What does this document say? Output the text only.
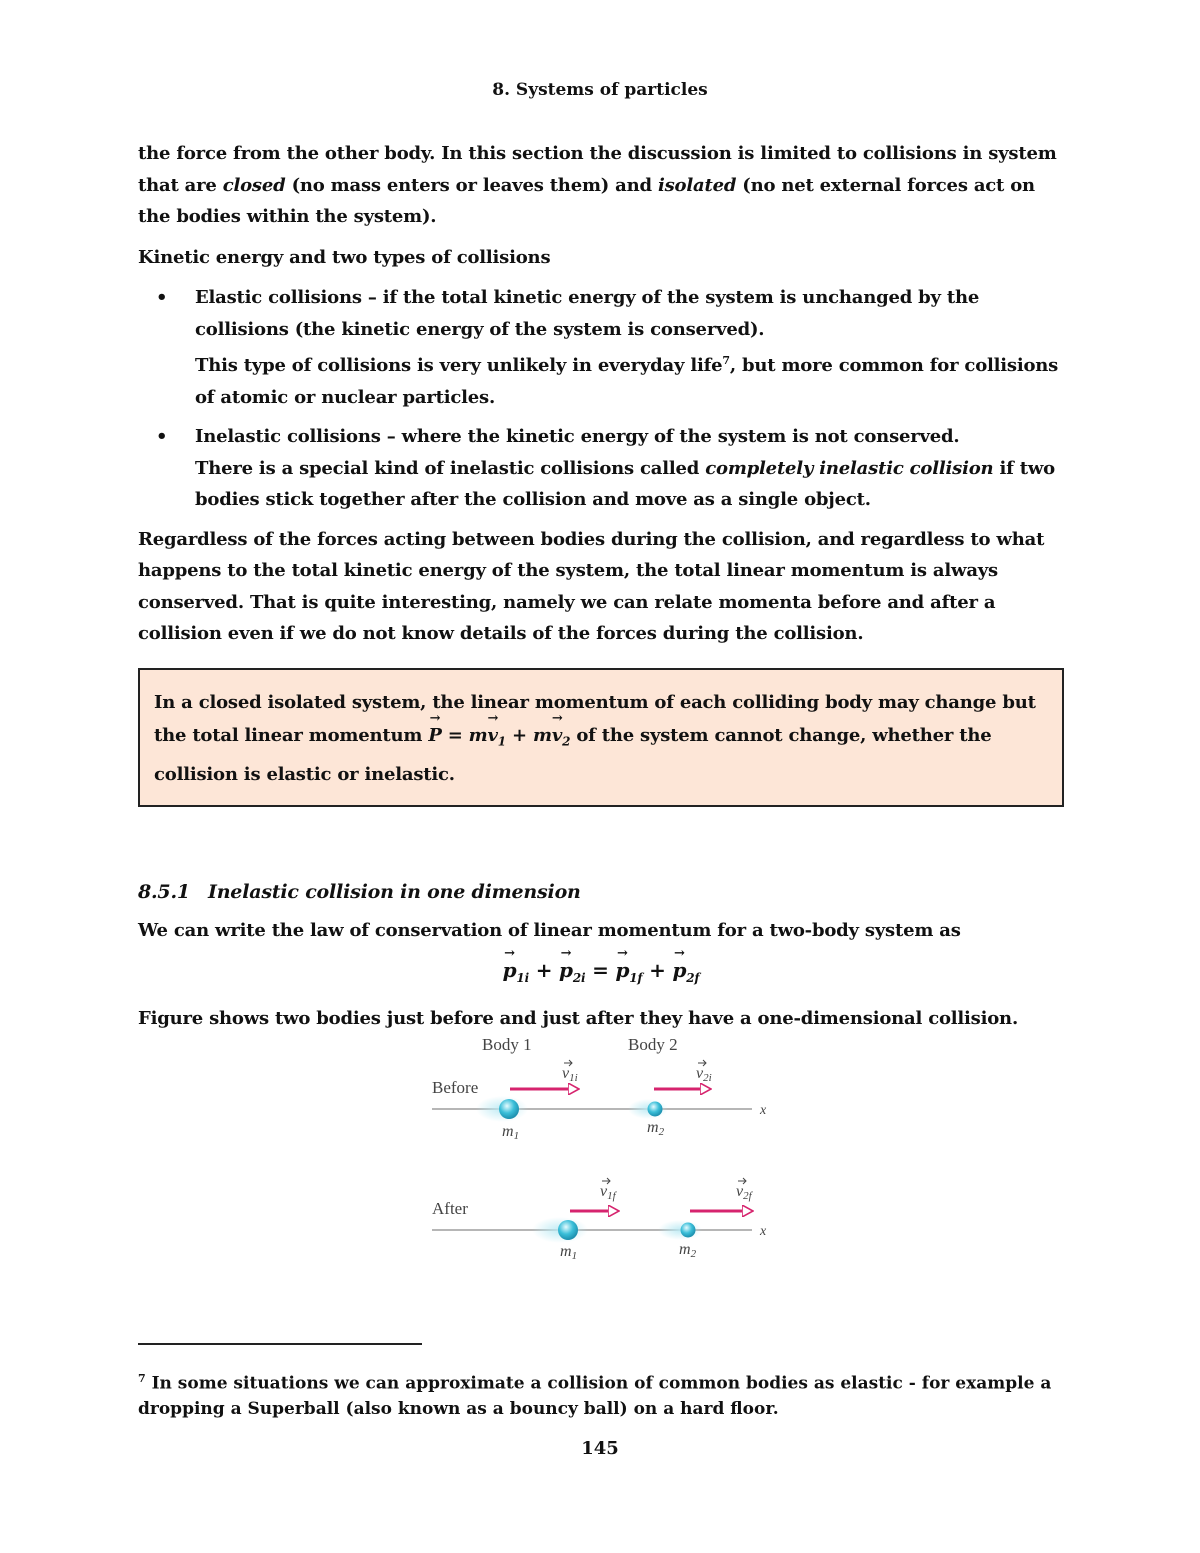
8. Systems of particles

the force from the other body. In this section the discussion is limited to collisions in system that are closed (no mass enters or leaves them) and isolated (no net external forces act on the bodies within the system).

Kinetic energy and two types of collisions

• Elastic collisions – if the total kinetic energy of the system is unchanged by the collisions (the kinetic energy of the system is conserved).
This type of collisions is very unlikely in everyday life$^7$, but more common for collisions of atomic or nuclear particles.
• Inelastic collisions – where the kinetic energy of the system is not conserved.
There is a special kind of inelastic collisions called completely inelastic collision if two bodies stick together after the collision and move as a single object.

Regardless of the forces acting between bodies during the collision, and regardless to what happens to the total kinetic energy of the system, the total linear momentum is always conserved. That is quite interesting, namely we can relate momenta before and after a collision even if we do not know details of the forces during the collision.

In a closed isolated system, the linear momentum of each colliding body may change but the total linear momentum → $P = m\to v_1 + m\to v_2$ of the system cannot change, whether the collision is elastic or inelastic.
8.5.1 Inelastic collision in one dimension

We can write the law of conservation of linear momentum for a two-body system as

→ $p_{1i}$ + → $p_{2i}$ = → $p_{1f}$ + → $p_{2f}$

Figure shows two bodies just before and just after they have a one-dimensional collision.

Body 1	Body 2
Before
After
x
v1i	v2i
m1	m2
x
v1f	v2f
m1	m2
$^7$ In some situations we can approximate a collision of common bodies as elastic - for example a dropping a Superball (also known as a bouncy ball) on a hard floor.
145
